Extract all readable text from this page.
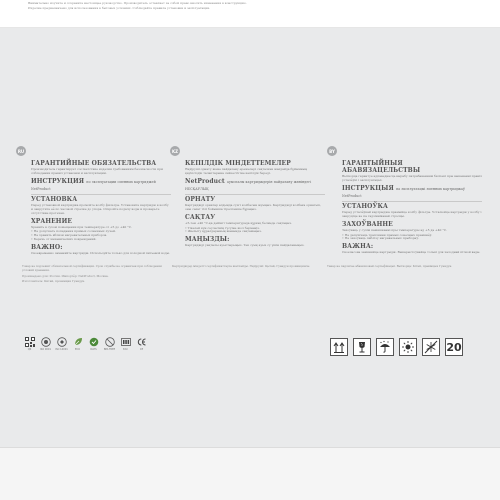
Внимательно изучите и сохраните настоящее руководство. Производитель оставляет за собой право вносить изменения в конструкцию.

Изделие предназначено для использования в бытовых условиях. Соблюдайте правила установки и эксплуатации.

RU
ГАРАНТИЙНЫЕ ОБЯЗАТЕЛЬСТВА

Производитель гарантирует соответствие изделия требованиям безопасности при соблюдении правил установки и эксплуатации.

ИНСТРУКЦИЯ по эксплуатации сменных картриджей NetProduct
УСТАНОВКА

Перед установкой картриджа промойте колбу фильтра. Установите картридж в колбу и закрутите её по часовой стрелке до упора. Откройте подачу воды и проверьте отсутствие протечек.

ХРАНЕНИЕ

Хранить в сухом помещении при температуре от +5 до +40 °С.

• Не допускать попадания прямых солнечных лучей.

• Не хранить вблизи нагревательных приборов.

• Беречь от механических повреждений.

ВАЖНО:

Своевременно заменяйте картридж. Используйте только для холодной питьевой воды.

KZ
КЕПІЛДІК МІНДЕТТЕМЕЛЕР

Өндіруші орнату және пайдалану ережелері сақталған жағдайда бұйымның қауіпсіздік талаптарына сәйкестігіне кепілдік береді.

NetProduct ауыспалы картридждерін пайдалану жөніндегі НҰСҚАУЛЫҚ
ОРНАТУ

Картриджді орнатар алдында сүзгі колбасын жуыңыз. Картриджді колбаға орнатып, оны сағат тілі бойынша тірелгенше бұраңыз.

САҚТАУ

+5-тен +40 °С-қа дейінгі температурада құрғақ бөлмеде сақтаңыз.

• Тікелей күн сәулесінің түсуіне жол бермеңіз.

• Жылыту құралдарының жанында сақтамаңыз.

МАҢЫЗДЫ:

Картриджді уақтылы ауыстырыңыз. Тек суық ауыз су үшін пайдаланыңыз.

BY
ГАРАНТЫЙНЫЯ АБАВЯЗАЦЕЛЬСТВЫ

Вытворца гарантуе адпаведнасць вырабу патрабаванням бяспекі пры выкананні правіл усталёўкі і эксплуатацыі.

ІНСТРУКЦЫЯ па эксплуатацыі зменных картрыджаў NetProduct
УСТАНОЎКА

Перад усталёўкай картрыджа прамыйце колбу фільтра. Усталюйце картрыдж у колбу і закруціце яе па гадзіннікавай стрэлцы.

ЗАХОЎВАННЕ

Захоўваць у сухім памяшканні пры тэмпературы ад +5 да +40 °С.

• Не дапушчаць трапляння прамых сонечных прамянёў.

• Не захоўваць паблізу награвальных прыбораў.

ВАЖНА:

Своечасова замяняйце картрыдж. Выкарыстоўвайце толькі для халоднай пітной вады.

Товар не подлежит обязательной сертификации. Срок службы не ограничен при соблюдении условий хранения.

Произведено для: Россия. Импортёр: NetProduct, Москва.

Изготовитель: Китай, провинция Гуандун.

Картридждер міндетті сертификаттауға жатпайды. Өндіруші: Қытай, Гуандун провинциясы.	Тавар не падлягае абавязковай сертыфікацыі. Вытворца: Кітай, правінцыя Гуандун.

QR	ISO 9001 ISO 14001	ECO	RoHS	BPA FREE	EAC	CE	20
